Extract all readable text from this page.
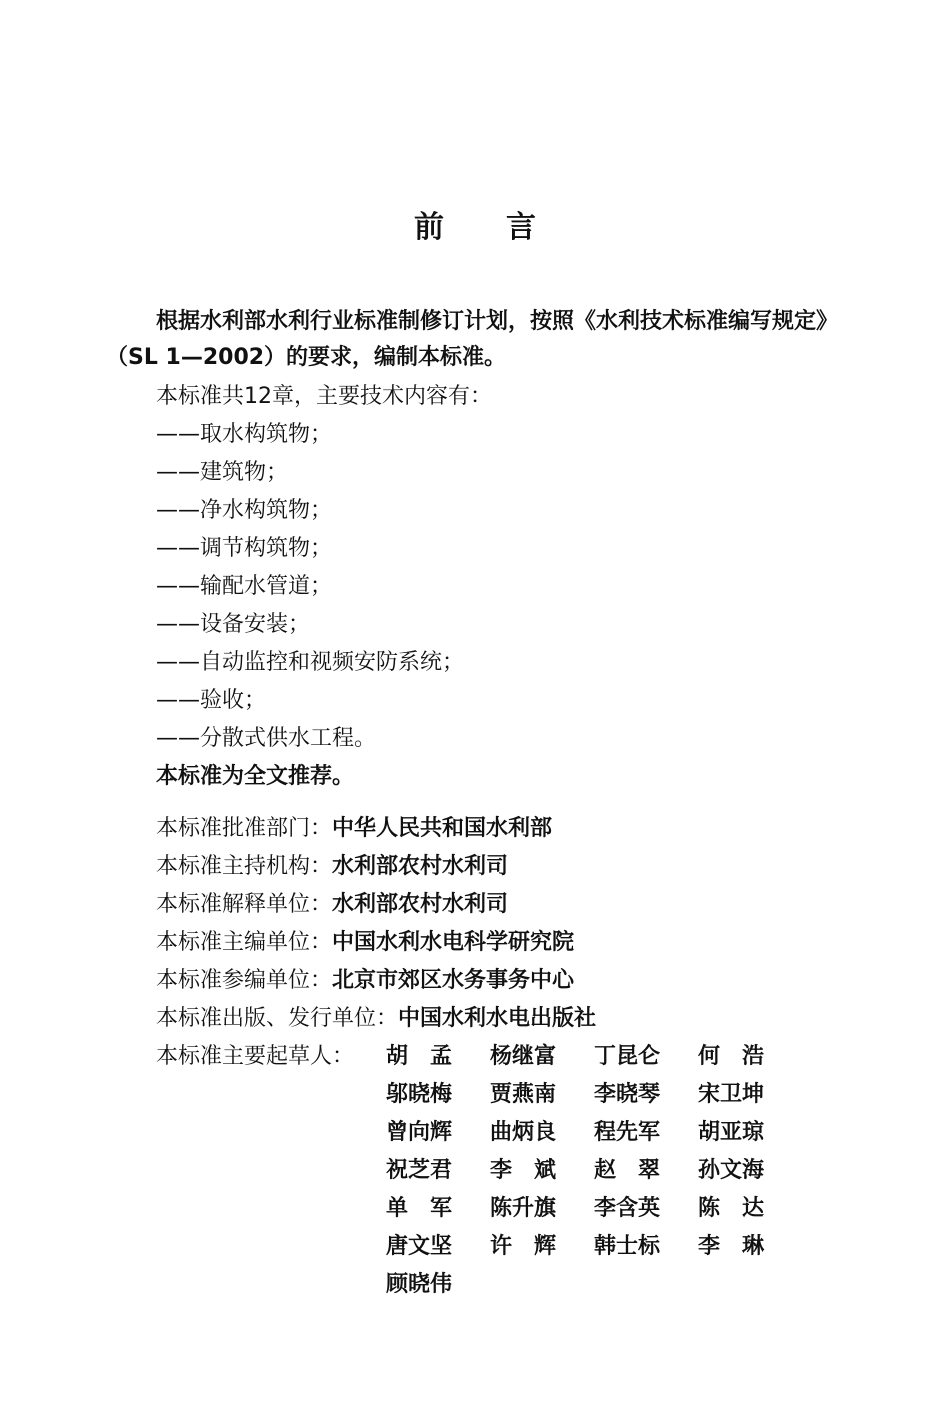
前 言
根据水利部水利行业标准制修订计划，按照《水利技术标准编写规定》（SL 1—2002）的要求，编制本标准。
本标准共12章，主要技术内容有：
——取水构筑物；
——建筑物；
——净水构筑物；
——调节构筑物；
——输配水管道；
——设备安装；
——自动监控和视频安防系统；
——验收；
——分散式供水工程。
本标准为全文推荐。
本标准批准部门：中华人民共和国水利部
本标准主持机构：水利部农村水利司
本标准解释单位：水利部农村水利司
本标准主编单位：中国水利水电科学研究院
本标准参编单位：北京市郊区水务事务中心
本标准出版、发行单位：中国水利水电出版社
本标准主要起草人： 胡　孟	杨继富	丁昆仑	何　浩
邬晓梅	贾燕南	李晓琴	宋卫坤
曾向辉	曲炳良	程先军	胡亚琼
祝芝君	李　斌	赵　翠	孙文海
单　军	陈升旗	李含英	陈　达
唐文坚	许　辉	韩士标	李　琳
顾晓伟
